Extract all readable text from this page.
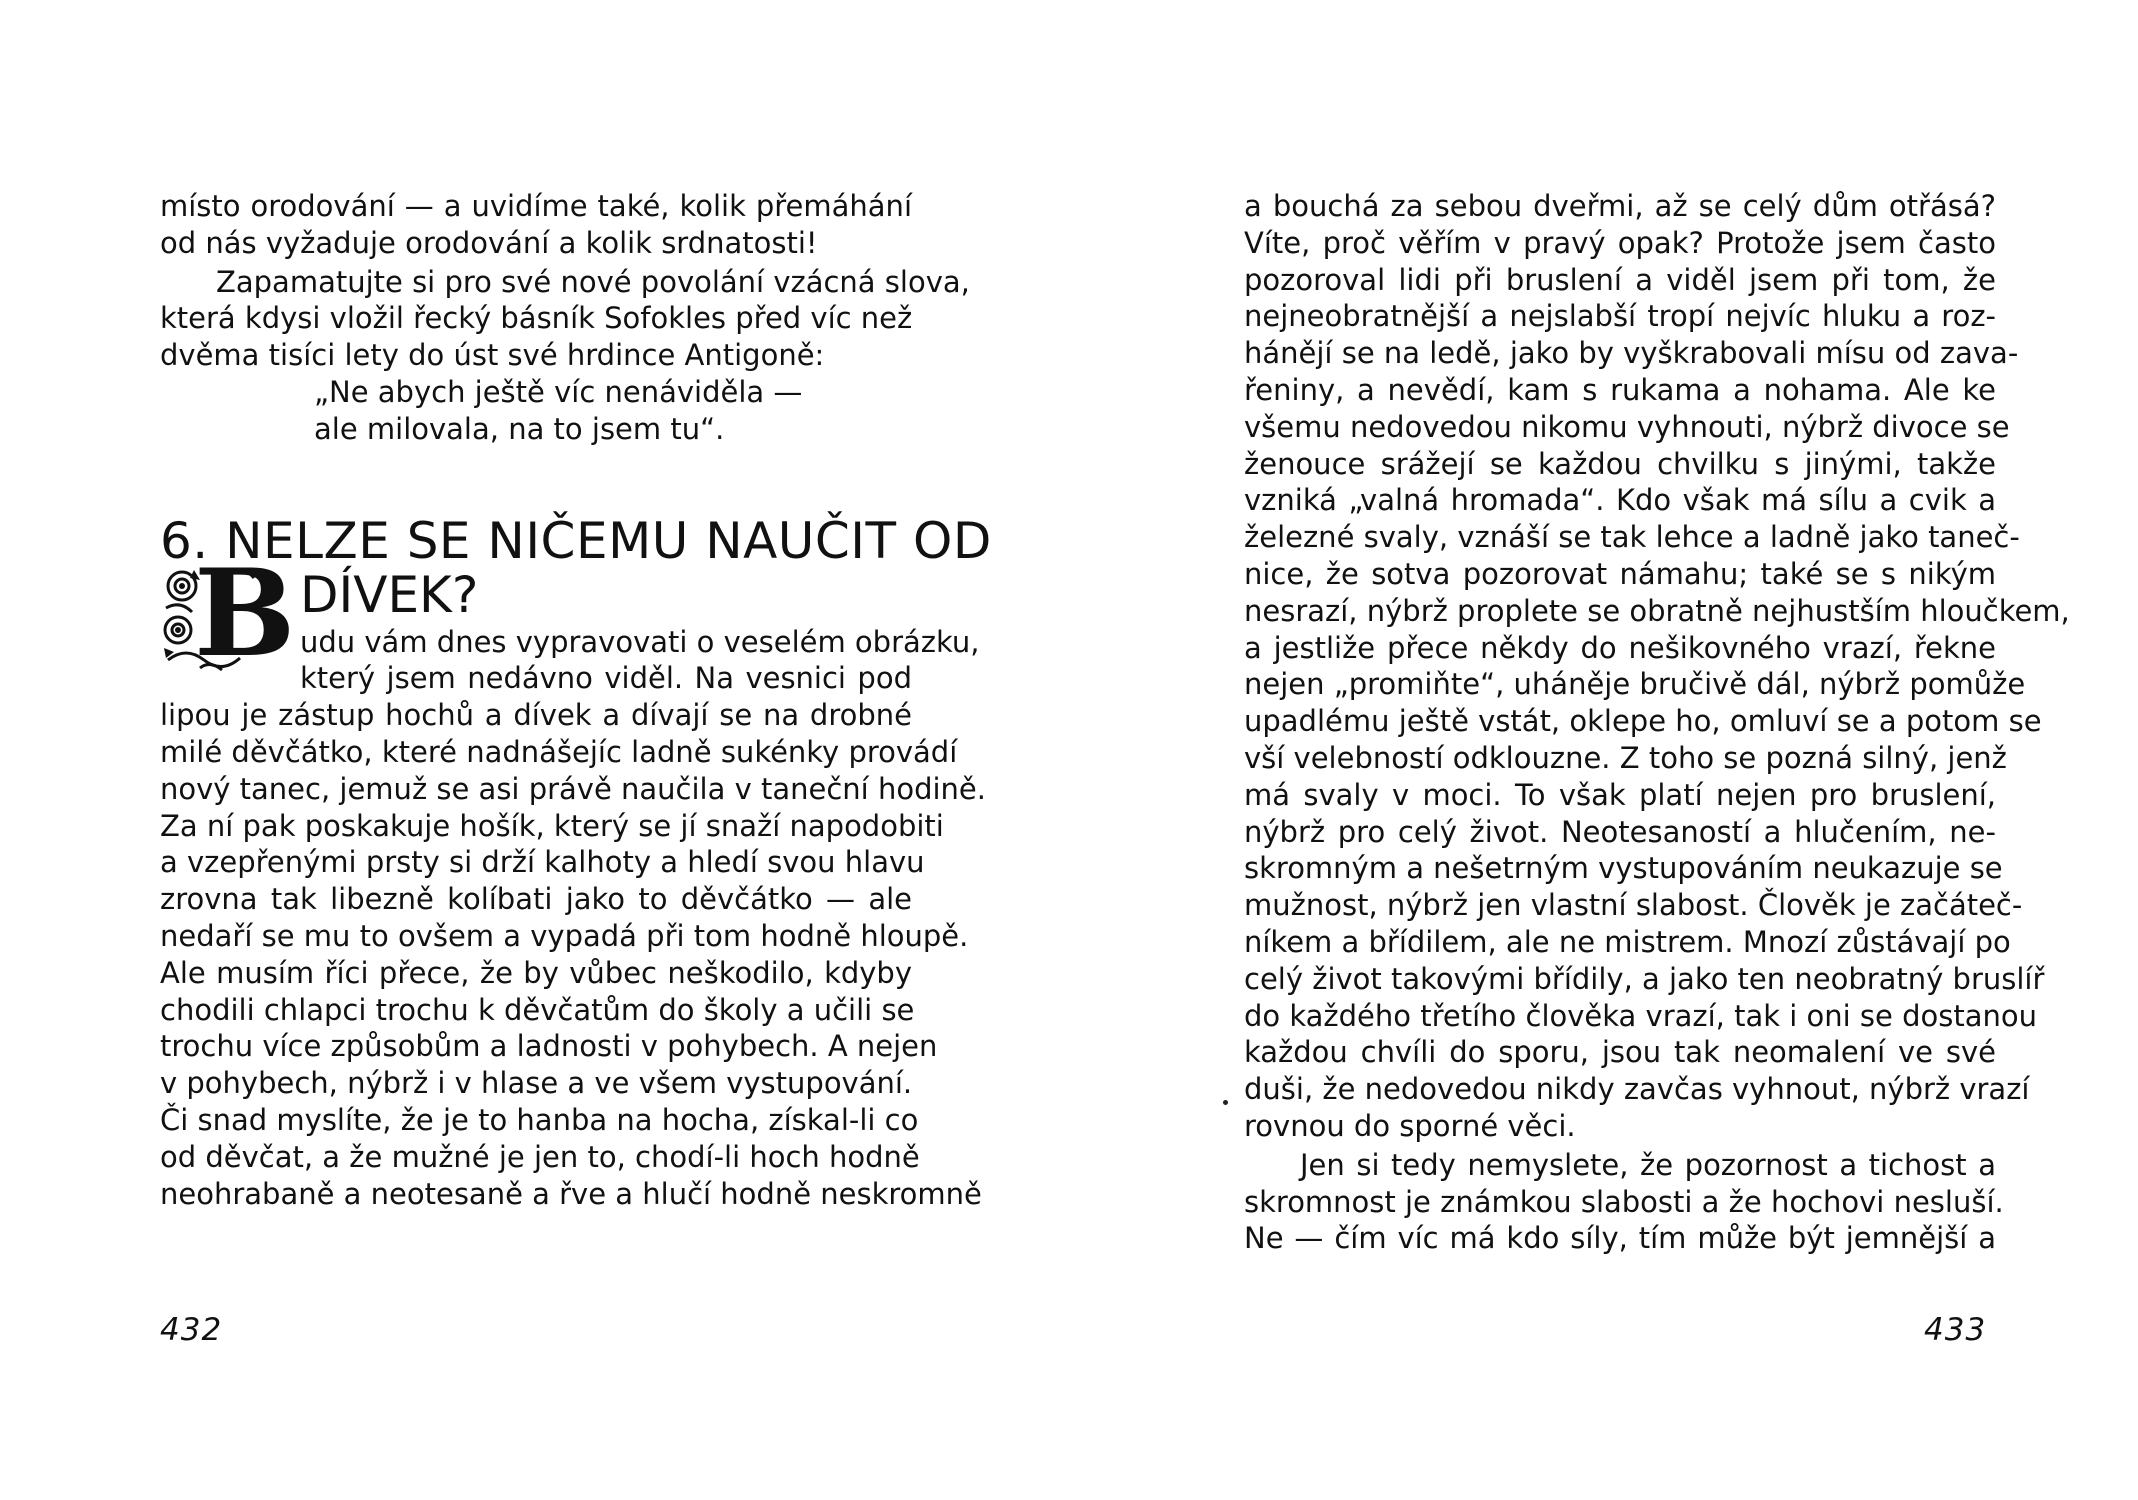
místo orodování — a uvidíme také, kolik přemáhání
od nás vyžaduje orodování a kolik srdnatosti!
Zapamatujte si pro své nové povolání vzácná slova,
která kdysi vložil řecký básník Sofokles před víc než
dvěma tisíci lety do úst své hrdince Antigoně:
„Ne abych ještě víc nenáviděla —
ale milovala, na to jsem tu“.
6. NELZE SE NIČEMU NAUČIT OD
B DÍVEK?
udu vám dnes vypravovati o veselém obrázku,
který jsem nedávno viděl. Na vesnici pod
lipou je zástup hochů a dívek a dívají se na drobné
milé děvčátko, které nadnášejíc ladně sukénky provádí
nový tanec, jemuž se asi právě naučila v taneční hodině.
Za ní pak poskakuje hošík, který se jí snaží napodobiti
a vzepřenými prsty si drží kalhoty a hledí svou hlavu
zrovna tak libezně kolíbati jako to děvčátko — ale
nedaří se mu to ovšem a vypadá při tom hodně hloupě.
Ale musím říci přece, že by vůbec neškodilo, kdyby
chodili chlapci trochu k děvčatům do školy a učili se
trochu více způsobům a ladnosti v pohybech. A nejen
v pohybech, nýbrž i v hlase a ve všem vystupování.
Či snad myslíte, že je to hanba na hocha, získal-li co
od děvčat, a že mužné je jen to, chodí-li hoch hodně
neohrabaně a neotesaně a řve a hlučí hodně neskromně
432
a bouchá za sebou dveřmi, až se celý dům otřásá?
Víte, proč věřím v pravý opak? Protože jsem často
pozoroval lidi při bruslení a viděl jsem při tom, že
nejneobratnější a nejslabší tropí nejvíc hluku a roz-
hánějí se na ledě, jako by vyškrabovali mísu od zava-
řeniny, a nevědí, kam s rukama a nohama. Ale ke
všemu nedovedou nikomu vyhnouti, nýbrž divoce se
ženouce srážejí se každou chvilku s jinými, takže
vzniká „valná hromada“. Kdo však má sílu a cvik a
železné svaly, vznáší se tak lehce a ladně jako taneč-
nice, že sotva pozorovat námahu; také se s nikým
nesrazí, nýbrž proplete se obratně nejhustším hloučkem,
a jestliže přece někdy do nešikovného vrazí, řekne
nejen „promiňte“, uháněje bručivě dál, nýbrž pomůže
upadlému ještě vstát, oklepe ho, omluví se a potom se
vší velebností odklouzne. Z toho se pozná silný, jenž
má svaly v moci. To však platí nejen pro bruslení,
nýbrž pro celý život. Neotesaností a hlučením, ne-
skromným a nešetrným vystupováním neukazuje se
mužnost, nýbrž jen vlastní slabost. Člověk je začáteč-
níkem a břídilem, ale ne mistrem. Mnozí zůstávají po
celý život takovými břídily, a jako ten neobratný bruslíř
do každého třetího člověka vrazí, tak i oni se dostanou
každou chvíli do sporu, jsou tak neomalení ve své
duši, že nedovedou nikdy zavčas vyhnout, nýbrž vrazí
rovnou do sporné věci.
Jen si tedy nemyslete, že pozornost a tichost a
skromnost je známkou slabosti a že hochovi nesluší.
Ne — čím víc má kdo síly, tím může být jemnější a
433
